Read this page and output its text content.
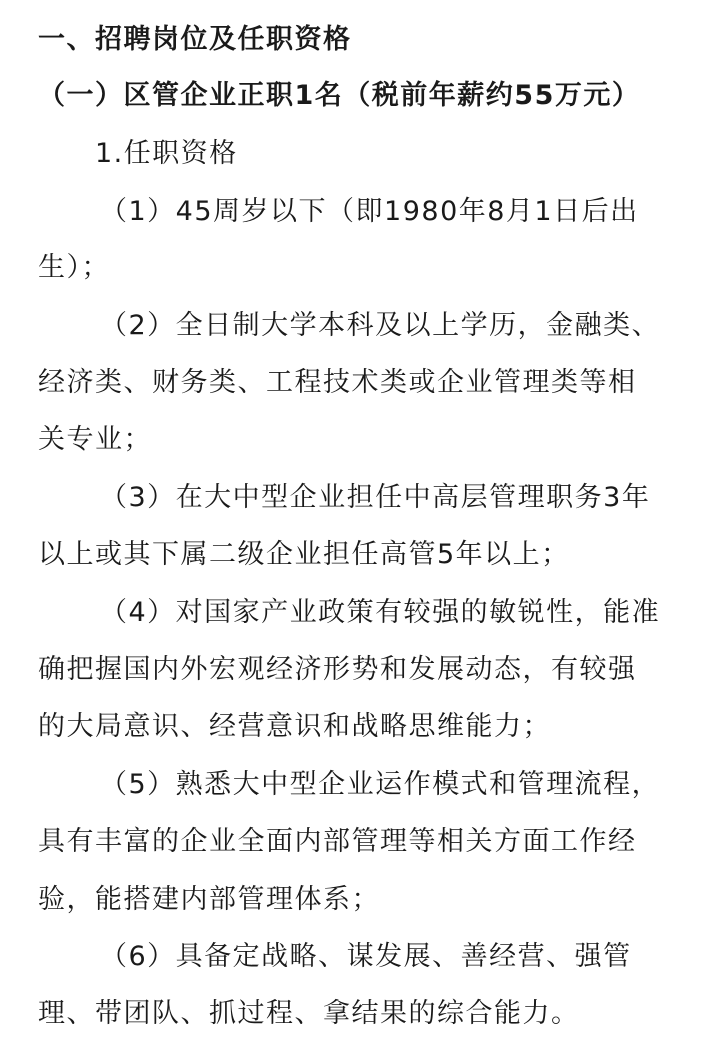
一、招聘岗位及任职资格

（一）区管企业正职1名（税前年薪约55万元）

1.任职资格

（1）45周岁以下（即1980年8月1日后出

生）；

（2）全日制大学本科及以上学历，金融类、

经济类、财务类、工程技术类或企业管理类等相

关专业；

（3）在大中型企业担任中高层管理职务3年

以上或其下属二级企业担任高管5年以上；

（4）对国家产业政策有较强的敏锐性，能准

确把握国内外宏观经济形势和发展动态，有较强

的大局意识、经营意识和战略思维能力；

（5）熟悉大中型企业运作模式和管理流程，

具有丰富的企业全面内部管理等相关方面工作经

验，能搭建内部管理体系；

（6）具备定战略、谋发展、善经营、强管

理、带团队、抓过程、拿结果的综合能力。
